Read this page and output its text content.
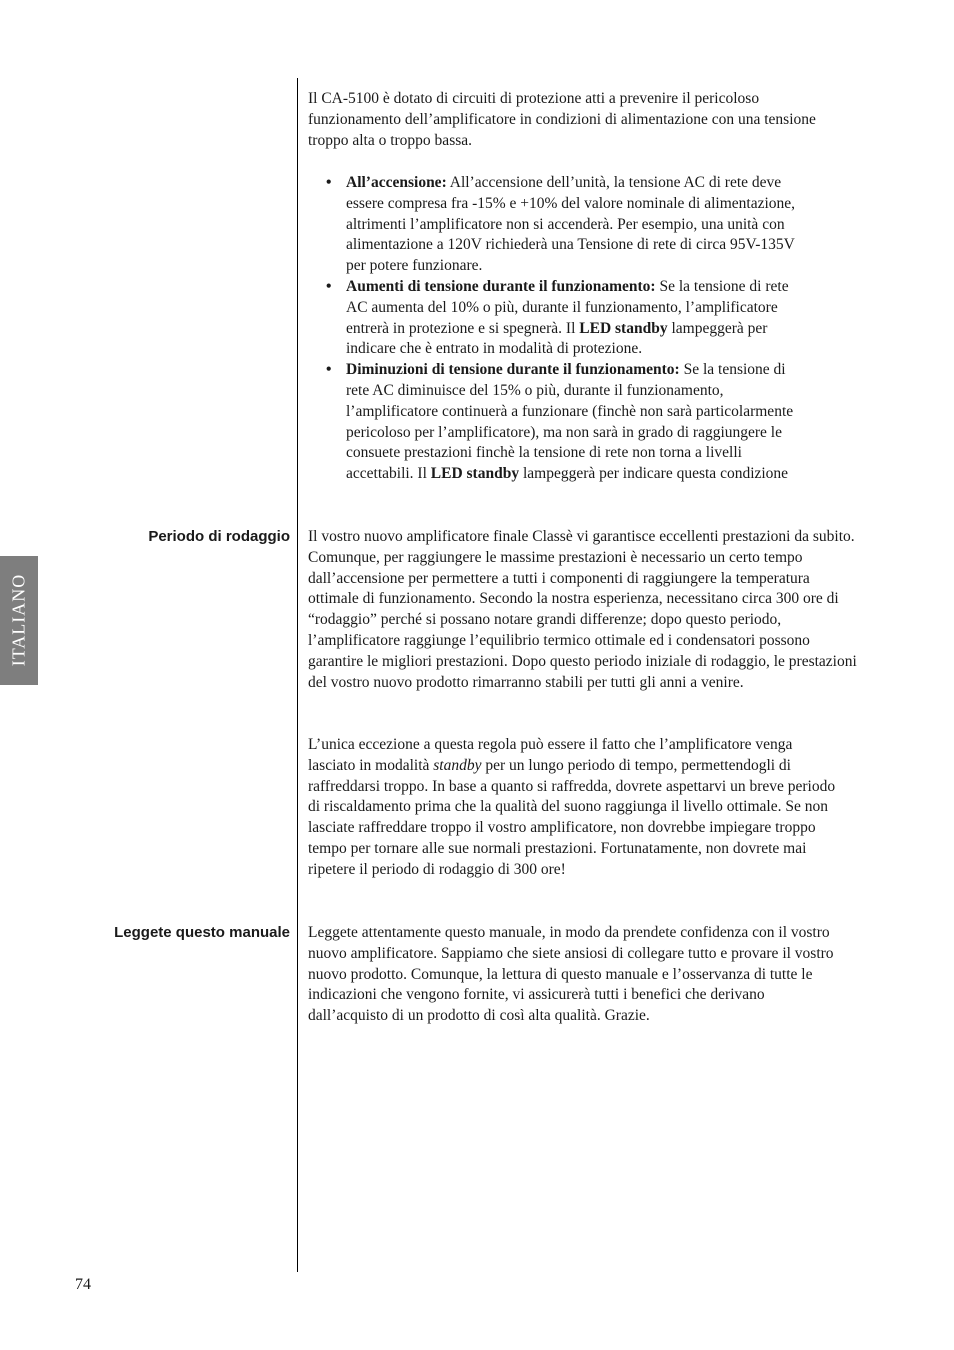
ITALIANO

Il CA-5100 è dotato di circuiti di protezione atti a prevenire il pericoloso funzionamento dell’amplificatore in condizioni di alimentazione con una tensione troppo alta o troppo bassa.

• All’accensione: All’accensione dell’unità, la tensione AC di rete deve essere compresa fra -15% e +10% del valore nominale di alimentazione, altrimenti l’amplificatore non si accenderà. Per esempio, una unità con alimentazione a 120V richiederà una Tensione di rete di circa 95V-135V per potere funzionare.
• Aumenti di tensione durante il funzionamento: Se la tensione di rete AC aumenta del 10% o più, durante il funzionamento, l’amplificatore entrerà in protezione e si spegnerà. Il LED standby lampeggerà per indicare che è entrato in modalità di protezione.
• Diminuzioni di tensione durante il funzionamento: Se la tensione di rete AC diminuisce del 15% o più, durante il funzionamento, l’amplificatore continuerà a funzionare (finchè non sarà particolarmente pericoloso per l’amplificatore), ma non sarà in grado di raggiungere le consuete prestazioni finchè la tensione di rete non torna a livelli accettabili. Il LED standby lampeggerà per indicare questa condizione
Periodo di rodaggio Il vostro nuovo amplificatore finale Classè vi garantisce eccellenti prestazioni da subito. Comunque, per raggiungere le massime prestazioni è necessario un certo tempo dall’accensione per permettere a tutti i componenti di raggiungere la temperatura ottimale di funzionamento. Secondo la nostra esperienza, necessitano circa 300 ore di “rodaggio” perché si possano notare grandi differenze; dopo questo periodo, l’amplificatore raggiunge l’equilibrio termico ottimale ed i condensatori possono garantire le migliori prestazioni. Dopo questo periodo iniziale di rodaggio, le prestazioni del vostro nuovo prodotto rimarranno stabili per tutti gli anni a venire.

L’unica eccezione a questa regola può essere il fatto che l’amplificatore venga lasciato in modalità standby per un lungo periodo di tempo, permettendogli di raffreddarsi troppo. In base a quanto si raffredda, dovrete aspettarvi un breve periodo di riscaldamento prima che la qualità del suono raggiunga il livello ottimale. Se non lasciate raffreddare troppo il vostro amplificatore, non dovrebbe impiegare troppo tempo per tornare alle sue normali prestazioni. Fortunatamente, non dovrete mai ripetere il periodo di rodaggio di 300 ore!

Leggete questo manuale Leggete attentamente questo manuale, in modo da prendete confidenza con il vostro nuovo amplificatore. Sappiamo che siete ansiosi di collegare tutto e provare il vostro nuovo prodotto. Comunque, la lettura di questo manuale e l’osservanza di tutte le indicazioni che vengono fornite, vi assicurerà tutti i benefici che derivano dall’acquisto di un prodotto di così alta qualità. Grazie.

74
